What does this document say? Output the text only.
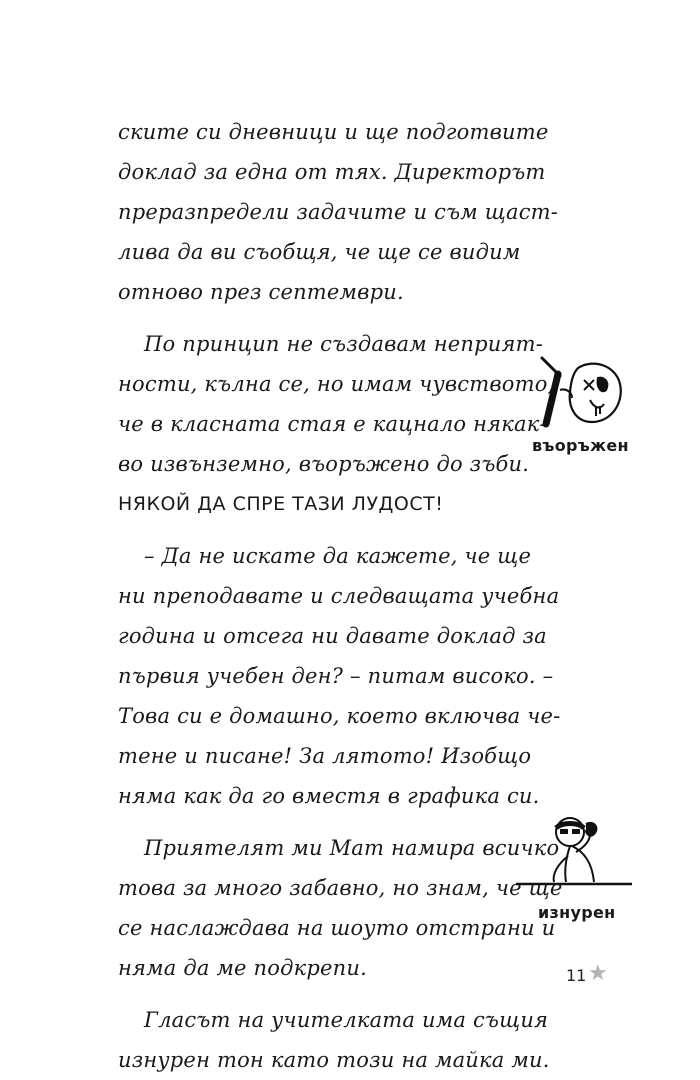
ските си дневници и ще подготвите
доклад за една от тях. Директорът
преразпредели задачите и съм щаст-
лива да ви съобщя, че ще се видим
отново през септември.
По принцип не създавам неприят-
ности, кълна се, но имам чувството,
че в класната стая е кацнало някак-
во извънземно, въоръжено до зъби.
НЯКОЙ ДА СПРЕ ТАЗИ ЛУДОСТ!
– Да не искате да кажете, че ще
ни преподавате и следващата учебна
година и отсега ни давате доклад за
първия учебен ден? – питам високо. –
Това си е домашно, което включва че-
тене и писане! За лятото! Изобщо
няма как да го вместя в графика си.
Приятелят ми Мат намира всичко
това за много забавно, но знам, че ще
се наслаждава на шоуто отстрани и
няма да ме подкрепи.
Гласът на учителката има същия
изнурен тон като този на майка ми.
въоръжен
изнурен
11 ★
